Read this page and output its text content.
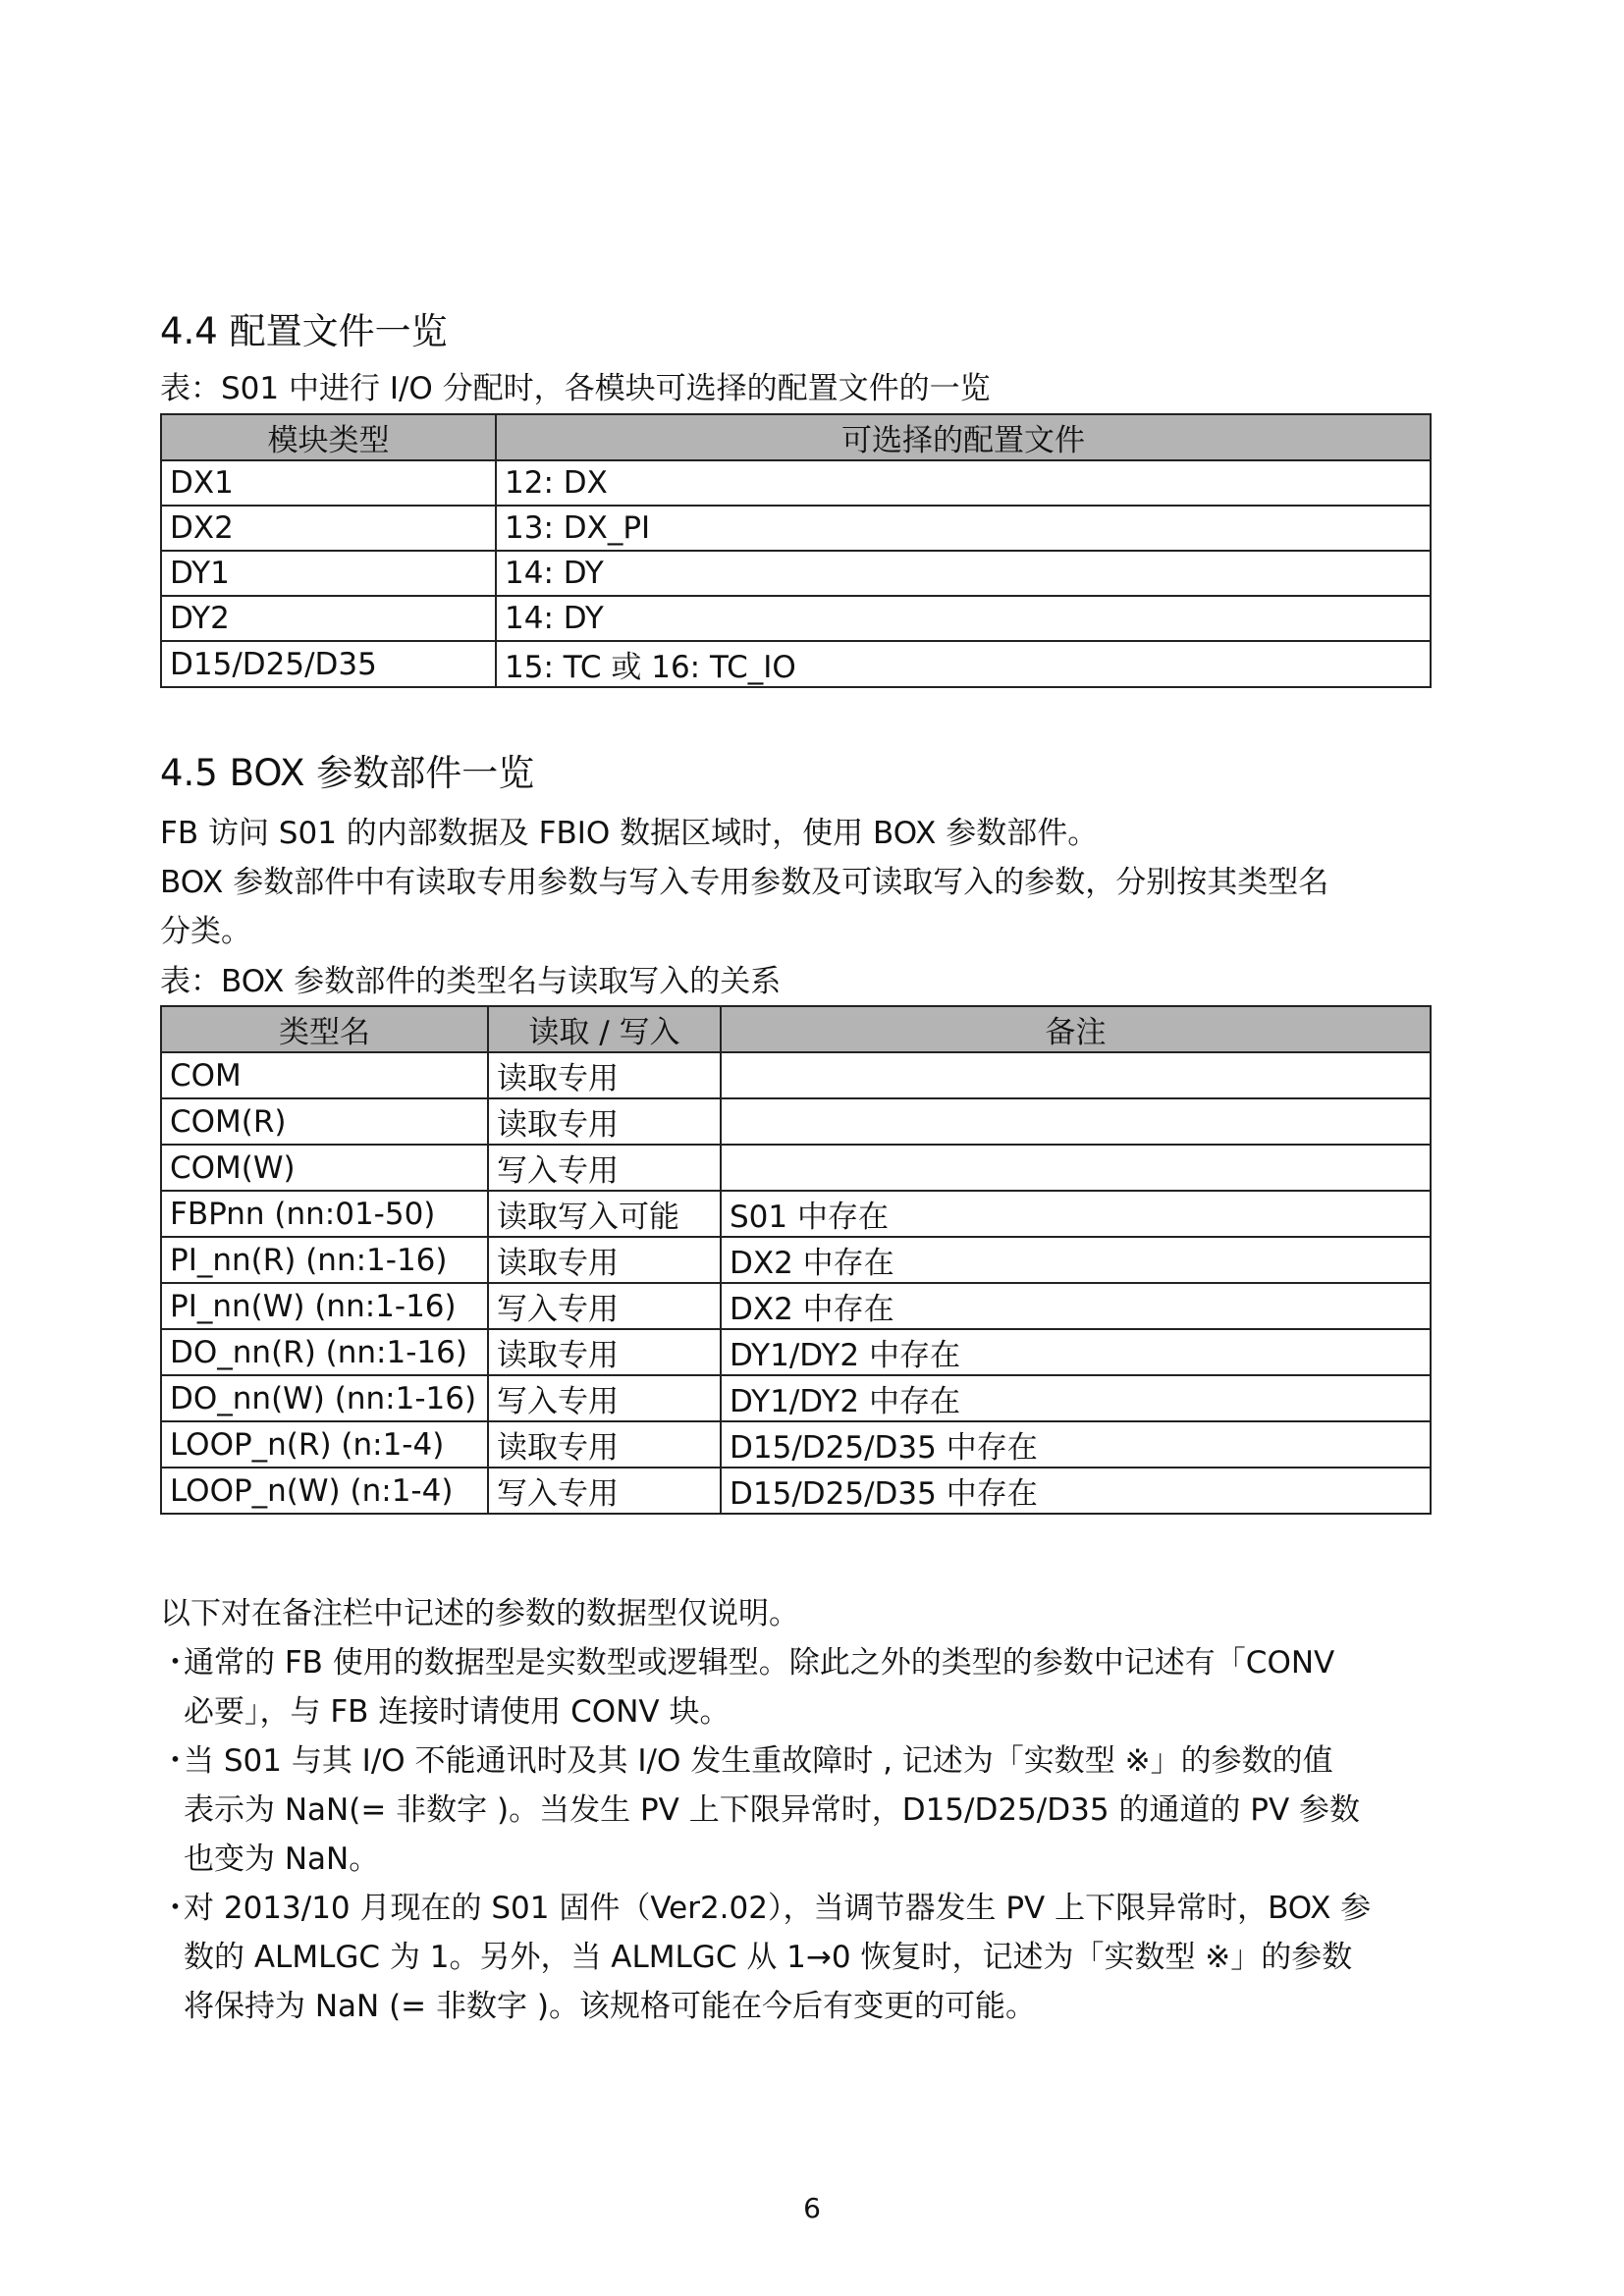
4.4 配置文件一览
表：S01 中进行 I/O 分配时，各模块可选择的配置文件的一览
模块类型	可选择的配置文件
DX1	12: DX
DX2	13: DX_PI
DY1	14: DY
DY2	14: DY
D15/D25/D35	15: TC 或 16: TC_IO
4.5 BOX 参数部件一览
FB 访问 S01 的内部数据及 FBIO 数据区域时，使用 BOX 参数部件。
BOX 参数部件中有读取专用参数与写入专用参数及可读取写入的参数，分别按其类型名
分类。
表：BOX 参数部件的类型名与读取写入的关系
类型名	读取 / 写入	备注
COM	读取专用	
COM(R)	读取专用	
COM(W)	写入专用	
FBPnn (nn:01-50)	读取写入可能	S01 中存在
PI_nn(R) (nn:1-16)	读取专用	DX2 中存在
PI_nn(W) (nn:1-16)	写入专用	DX2 中存在
DO_nn(R) (nn:1-16)	读取专用	DY1/DY2 中存在
DO_nn(W) (nn:1-16)	写入专用	DY1/DY2 中存在
LOOP_n(R) (n:1-4)	读取专用	D15/D25/D35 中存在
LOOP_n(W) (n:1-4)	写入专用	D15/D25/D35 中存在
以下对在备注栏中记述的参数的数据型仅说明。
・
通常的 FB 使用的数据型是实数型或逻辑型。除此之外的类型的参数中记述有「CONV
必要」，与 FB 连接时请使用 CONV 块。
・
当 S01 与其 I/O 不能通讯时及其 I/O 发生重故障时 , 记述为「实数型 ※」的参数的值
表示为 NaN(= 非数字 )。当发生 PV 上下限异常时，D15/D25/D35 的通道的 PV 参数
也变为 NaN。
・
对 2013/10 月现在的 S01 固件（Ver2.02），当调节器发生 PV 上下限异常时，BOX 参
数的 ALMLGC 为 1。另外，当 ALMLGC 从 1→0 恢复时，记述为「实数型 ※」的参数
将保持为 NaN (= 非数字 )。该规格可能在今后有变更的可能。
6
